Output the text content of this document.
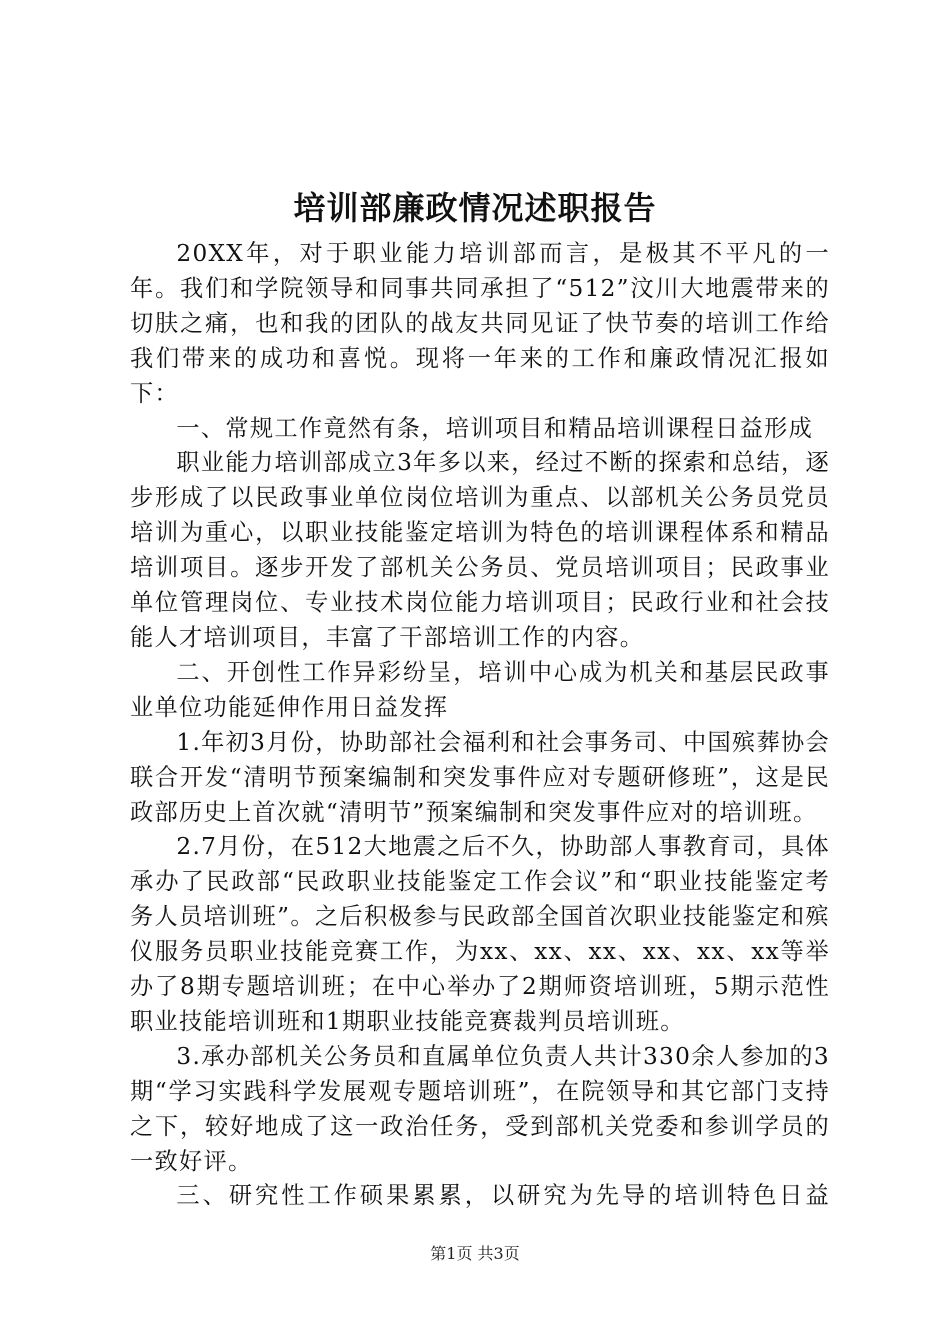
培训部廉政情况述职报告

20XX年，对于职业能力培训部而言，是极其不平凡的一年。我们和学院领导和同事共同承担了“512”汶川大地震带来的切肤之痛，也和我的团队的战友共同见证了快节奏的培训工作给我们带来的成功和喜悦。现将一年来的工作和廉政情况汇报如下：

一、常规工作竟然有条，培训项目和精品培训课程日益形成

职业能力培训部成立3年多以来，经过不断的探索和总结，逐步形成了以民政事业单位岗位培训为重点、以部机关公务员党员培训为重心，以职业技能鉴定培训为特色的培训课程体系和精品培训项目。逐步开发了部机关公务员、党员培训项目；民政事业单位管理岗位、专业技术岗位能力培训项目；民政行业和社会技能人才培训项目，丰富了干部培训工作的内容。

二、开创性工作异彩纷呈，培训中心成为机关和基层民政事业单位功能延伸作用日益发挥

1.年初3月份，协助部社会福利和社会事务司、中国殡葬协会联合开发“清明节预案编制和突发事件应对专题研修班”，这是民政部历史上首次就“清明节”预案编制和突发事件应对的培训班。

2.7月份，在512大地震之后不久，协助部人事教育司，具体承办了民政部“民政职业技能鉴定工作会议”和“职业技能鉴定考务人员培训班”。之后积极参与民政部全国首次职业技能鉴定和殡仪服务员职业技能竞赛工作，为xx、xx、xx、xx、xx、xx等举办了8期专题培训班；在中心举办了2期师资培训班，5期示范性职业技能培训班和1期职业技能竞赛裁判员培训班。

3.承办部机关公务员和直属单位负责人共计330余人参加的3期“学习实践科学发展观专题培训班”，在院领导和其它部门支持之下，较好地成了这一政治任务，受到部机关党委和参训学员的一致好评。

三、研究性工作硕果累累，以研究为先导的培训特色日益

第1页 共3页
